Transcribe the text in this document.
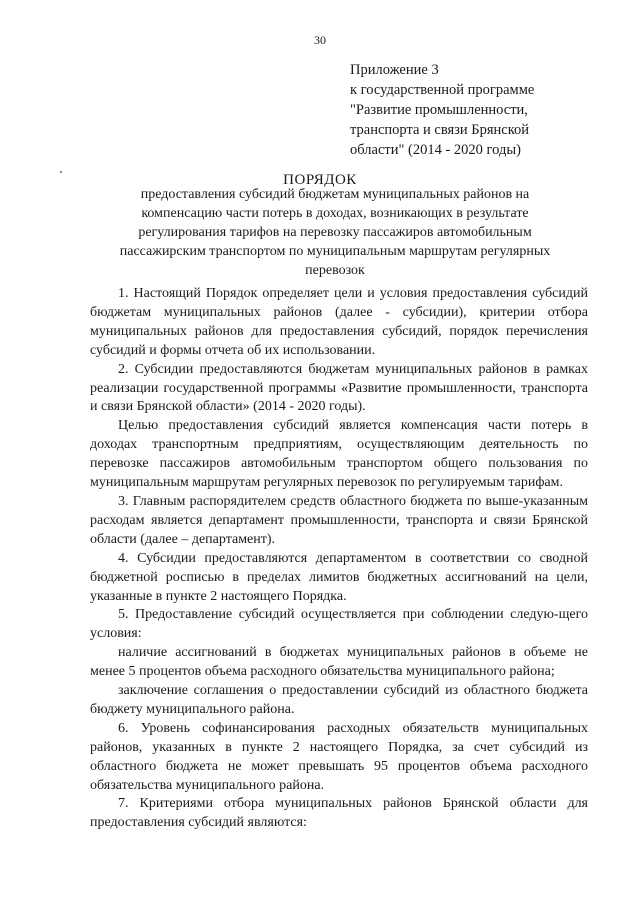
30
Приложение 3
к государственной программе
"Развитие промышленности,
транспорта и связи Брянской
области" (2014 - 2020 годы)
ПОРЯДОК
предоставления субсидий бюджетам муниципальных районов на
компенсацию части потерь в доходах, возникающих в результате
регулирования тарифов на перевозку пассажиров автомобильным
пассажирским транспортом по муниципальным маршрутам регулярных
перевозок

1. Настоящий Порядок определяет цели и условия предоставления субсидий бюджетам муниципальных районов (далее - субсидии), критерии отбора муниципальных районов для предоставления субсидий, порядок перечисления субсидий и формы отчета об их использовании.

2. Субсидии предоставляются бюджетам муниципальных районов в рамках реализации государственной программы «Развитие промышленности, транспорта и связи Брянской области» (2014 - 2020 годы).

Целью предоставления субсидий является компенсация части потерь в доходах транспортным предприятиям, осуществляющим деятельность по перевозке пассажиров автомобильным транспортом общего пользования по муниципальным маршрутам регулярных перевозок по регулируемым тарифам.

3. Главным распорядителем средств областного бюджета по выше-указанным расходам является департамент промышленности, транспорта и связи Брянской области (далее – департамент).

4. Субсидии предоставляются департаментом в соответствии со сводной бюджетной росписью в пределах лимитов бюджетных ассигнований на цели, указанные в пункте 2 настоящего Порядка.

5. Предоставление субсидий осуществляется при соблюдении следую-щего условия:

наличие ассигнований в бюджетах муниципальных районов в объеме не менее 5 процентов объема расходного обязательства муниципального района;

заключение соглашения о предоставлении субсидий из областного бюджета бюджету муниципального района.

6. Уровень софинансирования расходных обязательств муниципальных районов, указанных в пункте 2 настоящего Порядка, за счет субсидий из областного бюджета не может превышать 95 процентов объема расходного обязательства муниципального района.

7. Критериями отбора муниципальных районов Брянской области для предоставления субсидий являются:
